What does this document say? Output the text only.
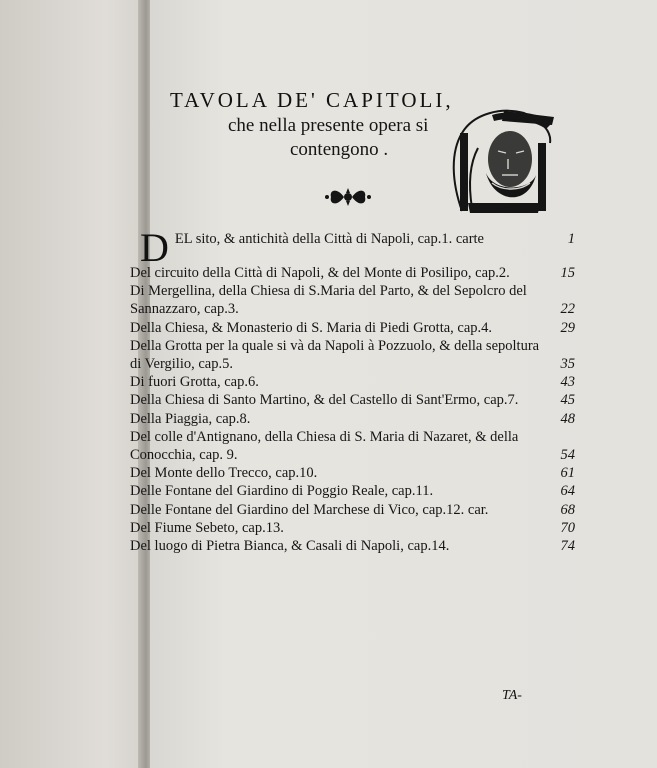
TAVOLA DE' CAPITOLI,
che nella presente opera si
contengono .
D EL sito, & antichità della Città di Napoli, cap.1. carte	1
Del circuito della Città di Napoli, & del Monte di Posilipo, cap.2.	15
Di Mergellina, della Chiesa di S.Maria del Parto, & del Sepolcro del Sannazzaro, cap.3.	22
Della Chiesa, & Monasterio di S. Maria di Piedi Grotta, cap.4.	29
Della Grotta per la quale si và da Napoli à Pozzuolo, & della sepoltura di Vergilio, cap.5.	35
Di fuori Grotta, cap.6.	43
Della Chiesa di Santo Martino, & del Castello di Sant'Ermo, cap.7.	45
Della Piaggia, cap.8.	48
Del colle d'Antignano, della Chiesa di S. Maria di Nazaret, & della Conocchia, cap. 9.	54
Del Monte dello Trecco, cap.10.	61
Delle Fontane del Giardino di Poggio Reale, cap.11.	64
Delle Fontane del Giardino del Marchese di Vico, cap.12. car.	68
Del Fiume Sebeto, cap.13.	70
Del luogo di Pietra Bianca, & Casali di Napoli, cap.14.	74
TA-
